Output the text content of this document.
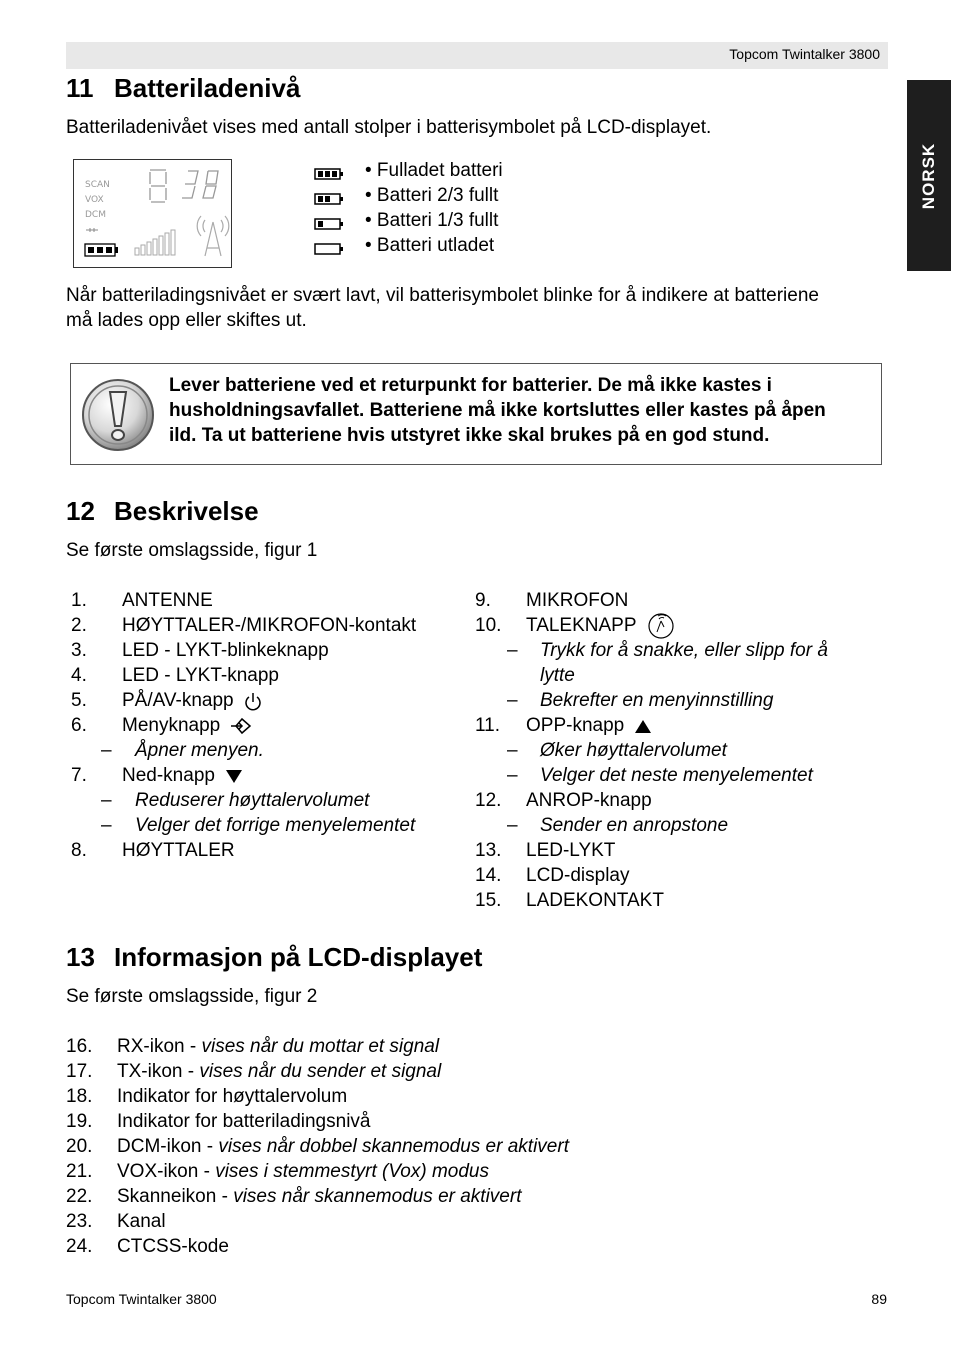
Topcom Twintalker 3800
NORSK
11 Batteriladenivå

Batteriladenivået vises med antall stolper i batterisymbolet på LCD-displayet.

SCAN
VOX
DCM
• Fulladet batteri
• Batteri 2/3 fullt
• Batteri 1/3 fullt
• Batteri utladet

Når batteriladingsnivået er svært lavt, vil batterisymbolet blinke for å indikere at batteriene
må lades opp eller skiftes ut.

Lever batteriene ved et returpunkt for batterier. De må ikke kastes i
husholdningsavfallet. Batteriene må ikke kortsluttes eller kastes på åpen
ild. Ta ut batteriene hvis utstyret ikke skal brukes på en god stund.
12 Beskrivelse

Se første omslagsside, figur 1

1. ANTENNE
2. HØYTTALER-/MIKROFON-kontakt
3. LED - LYKT-blinkeknapp
4. LED - LYKT-knapp
5. PÅ/AV-knapp
6. Menyknapp
– Åpner menyen.
7. Ned-knapp
– Reduserer høyttalervolumet
– Velger det forrige menyelementet
8. HØYTTALER
9. MIKROFON
10. TALEKNAPP
– Trykk for å snakke, eller slipp for å
lytte
– Bekrefter en menyinnstilling
11. OPP-knapp
– Øker høyttalervolumet
– Velger det neste menyelementet
12. ANROP-knapp
– Sender en anropstone
13. LED-LYKT
14. LCD-display
15. LADEKONTAKT
13 Informasjon på LCD-displayet

Se første omslagsside, figur 2

16. RX-ikon - vises når du mottar et signal
17. TX-ikon - vises når du sender et signal
18. Indikator for høyttalervolum
19. Indikator for batteriladingsnivå
20. DCM-ikon - vises når dobbel skannemodus er aktivert
21. VOX-ikon - vises i stemmestyrt (Vox) modus
22. Skanneikon - vises når skannemodus er aktivert
23. Kanal
24. CTCSS-kode
Topcom Twintalker 3800	89
